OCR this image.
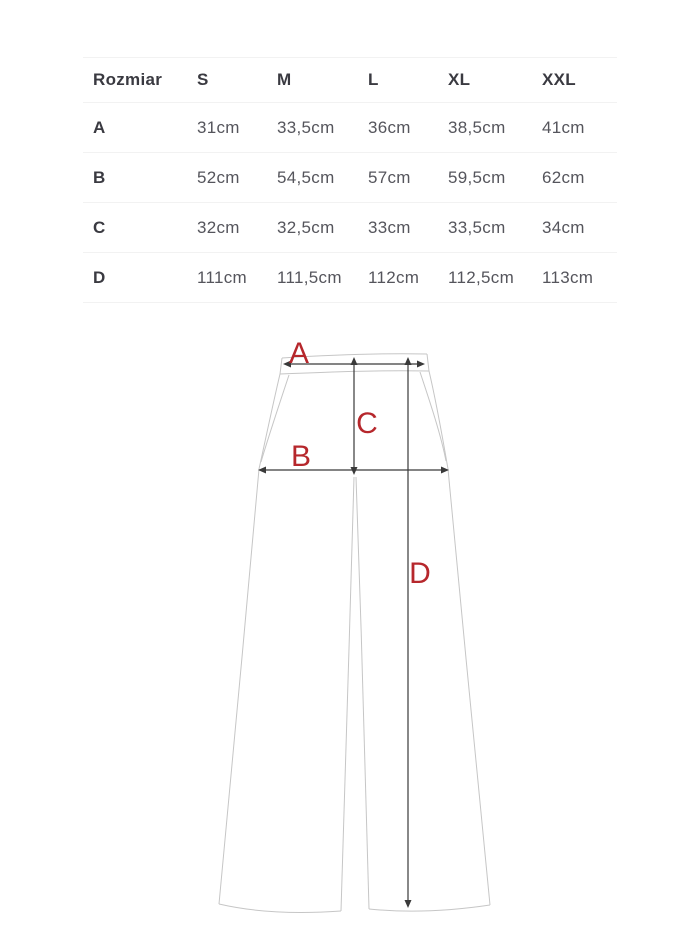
Rozmiar	S	M	L	XL	XXL
A	31cm	33,5cm	36cm	38,5cm	41cm
B	52cm	54,5cm	57cm	59,5cm	62cm
C	32cm	32,5cm	33cm	33,5cm	34cm
D	111cm	111,5cm	112cm	112,5cm	113cm
A
B
C
D
